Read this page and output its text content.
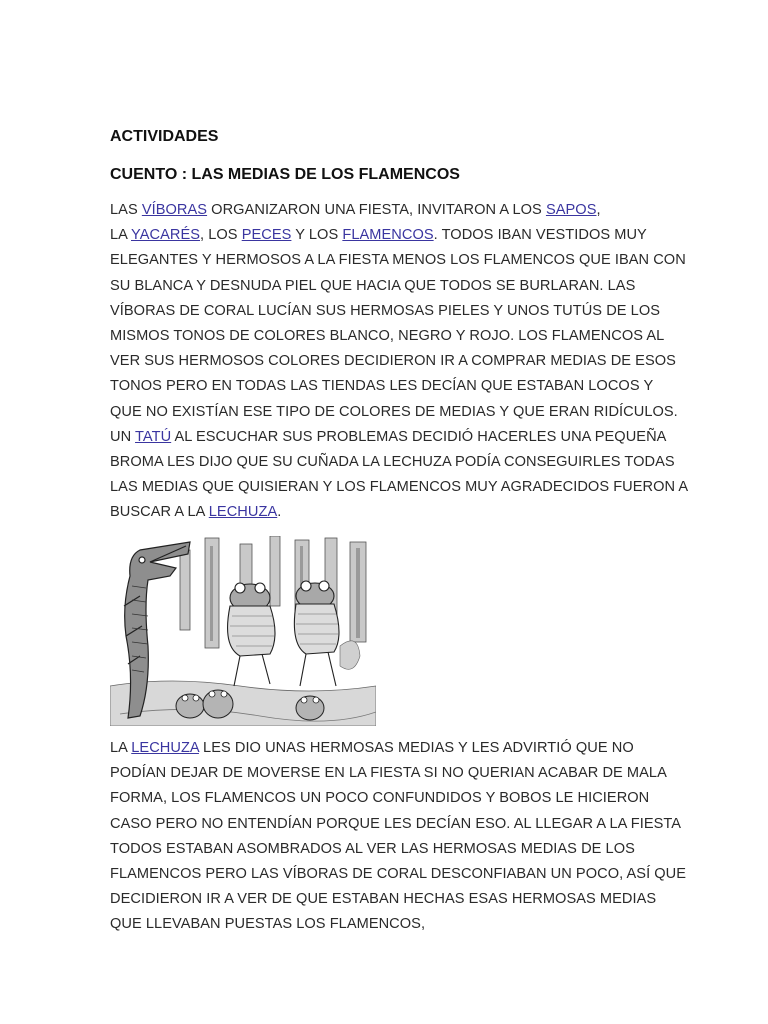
ACTIVIDADES
CUENTO : LAS MEDIAS DE LOS FLAMENCOS
LAS VÍBORAS ORGANIZARON UNA FIESTA, INVITARON A LOS SAPOS,
LA YACARÉS, LOS PECES Y LOS FLAMENCOS. TODOS IBAN VESTIDOS MUY
ELEGANTES Y HERMOSOS A LA FIESTA MENOS LOS FLAMENCOS QUE IBAN CON
SU BLANCA Y DESNUDA PIEL QUE HACIA QUE TODOS SE BURLARAN. LAS
VÍBORAS DE CORAL LUCÍAN SUS HERMOSAS PIELES Y UNOS TUTÚS DE LOS
MISMOS TONOS DE COLORES BLANCO, NEGRO Y ROJO. LOS FLAMENCOS AL
VER SUS HERMOSOS COLORES DECIDIERON IR A COMPRAR MEDIAS DE ESOS
TONOS PERO EN TODAS LAS TIENDAS LES DECÍAN QUE ESTABAN LOCOS Y
QUE NO EXISTÍAN ESE TIPO DE COLORES DE MEDIAS Y QUE ERAN RIDÍCULOS.
UN TATÚ AL ESCUCHAR SUS PROBLEMAS DECIDIÓ HACERLES UNA PEQUEÑA
BROMA LES DIJO QUE SU CUÑADA LA LECHUZA PODÍA CONSEGUIRLES TODAS
LAS MEDIAS QUE QUISIERAN Y LOS FLAMENCOS MUY AGRADECIDOS FUERON A
BUSCAR A LA LECHUZA.
LA LECHUZA LES DIO UNAS HERMOSAS MEDIAS Y LES ADVIRTIÓ QUE NO
PODÍAN DEJAR DE MOVERSE EN LA FIESTA SI NO QUERIAN ACABAR DE MALA
FORMA, LOS FLAMENCOS UN POCO CONFUNDIDOS Y BOBOS LE HICIERON
CASO PERO NO ENTENDÍAN PORQUE LES DECÍAN ESO. AL LLEGAR A LA FIESTA
TODOS ESTABAN ASOMBRADOS AL VER LAS HERMOSAS MEDIAS DE LOS
FLAMENCOS PERO LAS VÍBORAS DE CORAL DESCONFIABAN UN POCO, ASÍ QUE
DECIDIERON IR A VER DE QUE ESTABAN HECHAS ESAS HERMOSAS MEDIAS
QUE LLEVABAN PUESTAS LOS FLAMENCOS,
